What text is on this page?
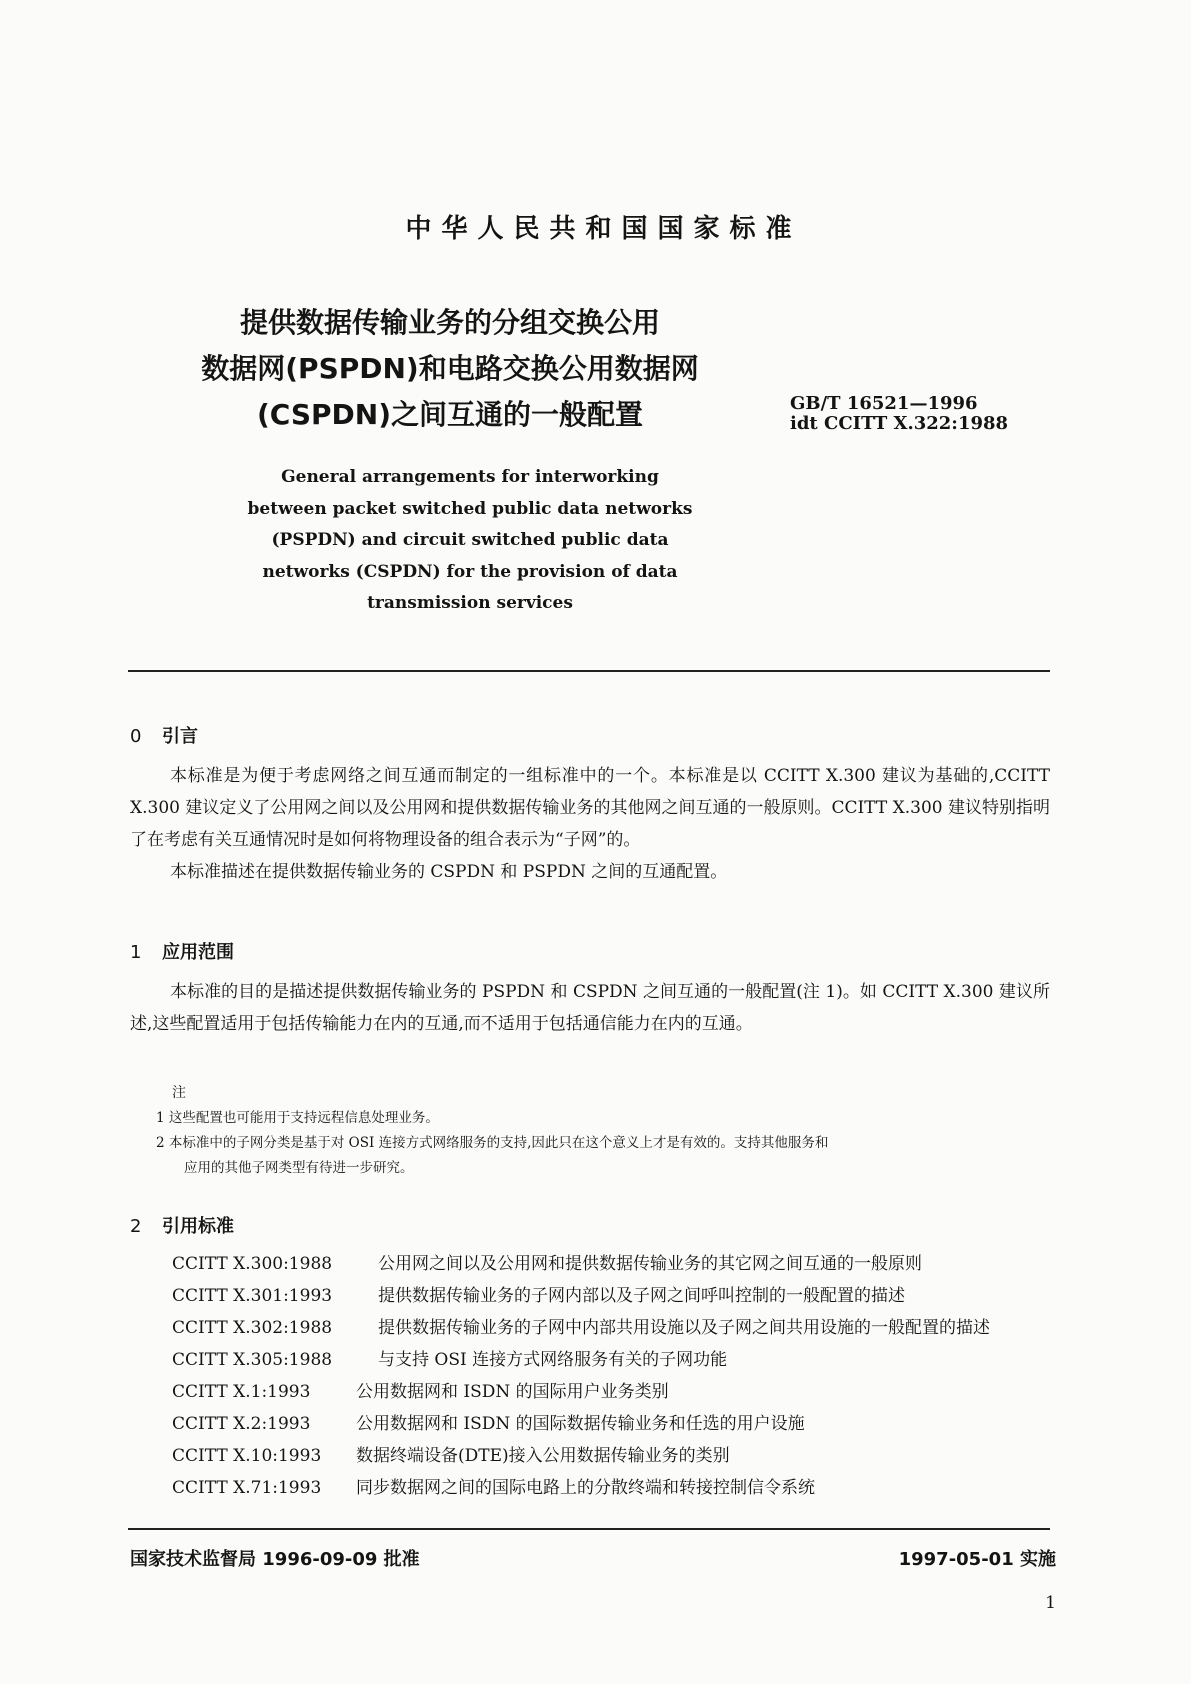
中华人民共和国国家标准
提供数据传输业务的分组交换公用
数据网(PSPDN)和电路交换公用数据网
(CSPDN)之间互通的一般配置	GB/T 16521—1996
idt CCITT X.322:1988
General arrangements for interworking
between packet switched public data networks
(PSPDN) and circuit switched public data
networks (CSPDN) for the provision of data
transmission services
0 引言

本标准是为便于考虑网络之间互通而制定的一组标准中的一个。本标准是以 CCITT X.300 建议为基础的,CCITT X.300 建议定义了公用网之间以及公用网和提供数据传输业务的其他网之间互通的一般原则。CCITT X.300 建议特别指明了在考虑有关互通情况时是如何将物理设备的组合表示为“子网”的。

本标准描述在提供数据传输业务的 CSPDN 和 PSPDN 之间的互通配置。

1 应用范围

本标准的目的是描述提供数据传输业务的 PSPDN 和 CSPDN 之间互通的一般配置(注 1)。如 CCITT X.300 建议所述,这些配置适用于包括传输能力在内的互通,而不适用于包括通信能力在内的互通。

注
1 这些配置也可能用于支持远程信息处理业务。
2 本标准中的子网分类是基于对 OSI 连接方式网络服务的支持,因此只在这个意义上才是有效的。支持其他服务和
应用的其他子网类型有待进一步研究。
2 引用标准
CCITT X.300:1988	公用网之间以及公用网和提供数据传输业务的其它网之间互通的一般原则
CCITT X.301:1993	提供数据传输业务的子网内部以及子网之间呼叫控制的一般配置的描述
CCITT X.302:1988	提供数据传输业务的子网中内部共用设施以及子网之间共用设施的一般配置的描述
CCITT X.305:1988	与支持 OSI 连接方式网络服务有关的子网功能
CCITT X.1:1993	公用数据网和 ISDN 的国际用户业务类别
CCITT X.2:1993	公用数据网和 ISDN 的国际数据传输业务和任选的用户设施
CCITT X.10:1993	数据终端设备(DTE)接入公用数据传输业务的类别
CCITT X.71:1993	同步数据网之间的国际电路上的分散终端和转接控制信令系统
国家技术监督局 1996-09-09 批准	1997-05-01 实施
1
